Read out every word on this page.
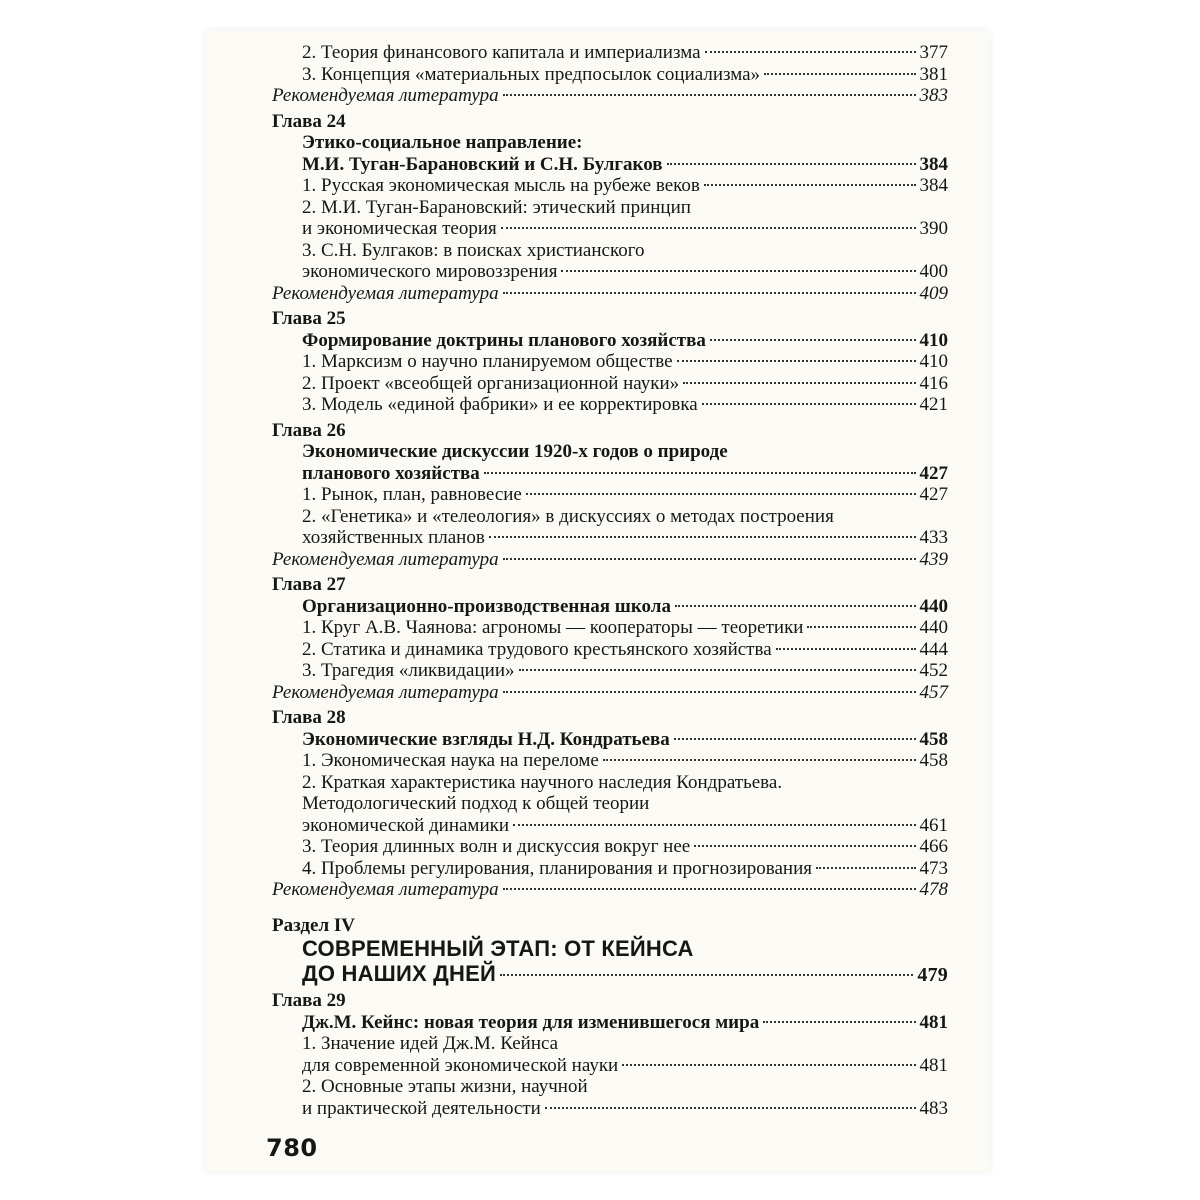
2. Теория финансового капитала и империализма	377
3. Концепция «материальных предпосылок социализма»	381
Рекомендуемая литература	383
Глава 24
Этико-социальное направление:
М.И. Туган-Барановский и С.Н. Булгаков	384
1. Русская экономическая мысль на рубеже веков	384
2. М.И. Туган-Барановский: этический принцип
и экономическая теория	390
3. С.Н. Булгаков: в поисках христианского
экономического мировоззрения	400
Рекомендуемая литература	409
Глава 25
Формирование доктрины планового хозяйства	410
1. Марксизм о научно планируемом обществе	410
2. Проект «всеобщей организационной науки»	416
3. Модель «единой фабрики» и ее корректировка	421
Глава 26
Экономические дискуссии 1920-х годов о природе
планового хозяйства	427
1. Рынок, план, равновесие	427
2. «Генетика» и «телеология» в дискуссиях о методах построения
хозяйственных планов	433
Рекомендуемая литература	439
Глава 27
Организационно-производственная школа	440
1. Круг А.В. Чаянова: агрономы — кооператоры — теоретики	440
2. Статика и динамика трудового крестьянского хозяйства	444
3. Трагедия «ликвидации»	452
Рекомендуемая литература	457
Глава 28
Экономические взгляды Н.Д. Кондратьева	458
1. Экономическая наука на переломе	458
2. Краткая характеристика научного наследия Кондратьева.
Методологический подход к общей теории
экономической динамики	461
3. Теория длинных волн и дискуссия вокруг нее	466
4. Проблемы регулирования, планирования и прогнозирования	473
Рекомендуемая литература	478
Раздел IV
СОВРЕМЕННЫЙ ЭТАП: ОТ КЕЙНСА
ДО НАШИХ ДНЕЙ	479
Глава 29
Дж.М. Кейнс: новая теория для изменившегося мира	481
1. Значение идей Дж.М. Кейнса
для современной экономической науки	481
2. Основные этапы жизни, научной
и практической деятельности	483
780
